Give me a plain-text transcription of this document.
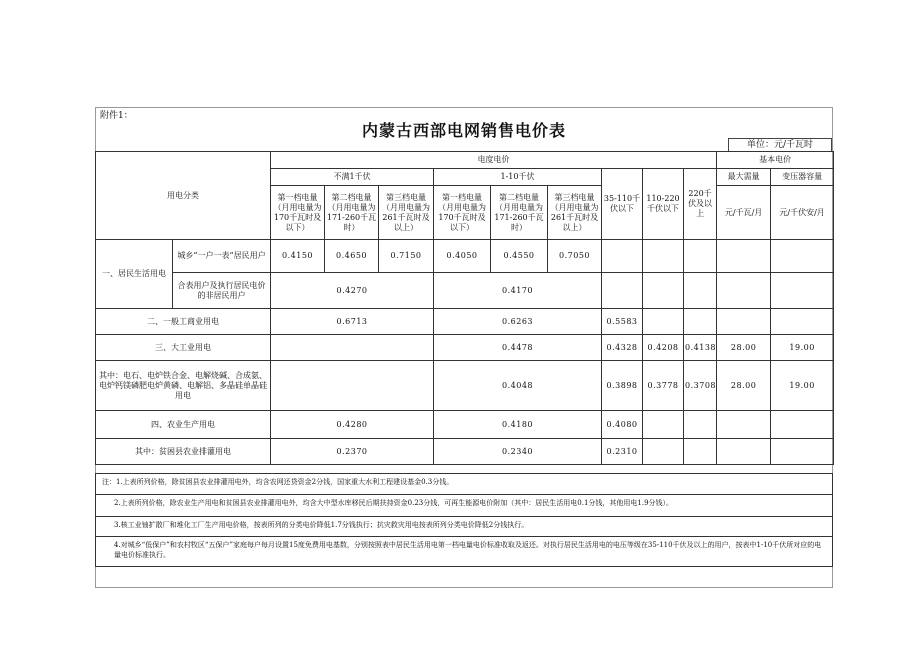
附件1：
内蒙古西部电网销售电价表
单位：元/千瓦时
用电分类		电度电价									基本电价	
		不满1千伏			1-10千伏			35-110千伏以下	110-220千伏以下	220千伏及以上	最大需量	变压器容量
		第一档电量（月用电量为170千瓦时及以下）	第二档电量（月用电量为171-260千瓦时）	第三档电量（月用电量为261千瓦时及以上）	第一档电量（月用电量为170千瓦时及以下）	第二档电量（月用电量为171-260千瓦时）	第三档电量（月用电量为261千瓦时及以上）				元/千瓦/月	元/千伏安/月
一、居民生活用电	城乡“一户一表”居民用户	0.4150	0.4650	0.7150	0.4050	0.4550	0.7050					
	合表用户及执行居民电价的非居民用户	0.4270			0.4170							
二、一般工商业用电		0.6713			0.6263			0.5583				
三、大工业用电					0.4478			0.4328	0.4208	0.4138	28.00	19.00
其中：电石、电炉铁合金、电解烧碱、合成氨、电炉钙镁磷肥电炉黄磷、电解铝、多晶硅单晶硅用电					0.4048			0.3898	0.3778	0.3708	28.00	19.00
四、农业生产用电		0.4280			0.4180			0.4080				
其中：贫困县农业排灌用电		0.2370			0.2340			0.2310				
注：1.上表所列价格，除贫困县农业排灌用电外，均含农网还贷资金2分钱，国家重大水利工程建设基金0.3分钱。
2.上表所列价格，除农业生产用电和贫困县农业排灌用电外，均含大中型水库移民后期扶持资金0.23分钱，可再生能源电价附加（其中：居民生活用电0.1分钱，其他用电1.9分钱）。
3.核工业铀扩散厂和堆化工厂生产用电价格，按表所列的分类电价降低1.7分钱执行；抗灾救灾用电按表所列分类电价降低2分钱执行。
4.对城乡“低保户”和农村牧区“五保户”家庭每户每月设置15度免费用电基数，分别按照表中居民生活用电第一档电量电价标准收取及返还。对执行居民生活用电的电压等级在35-110千伏及以上的用户，按表中1-10千伏所对应的电量电价标准执行。
